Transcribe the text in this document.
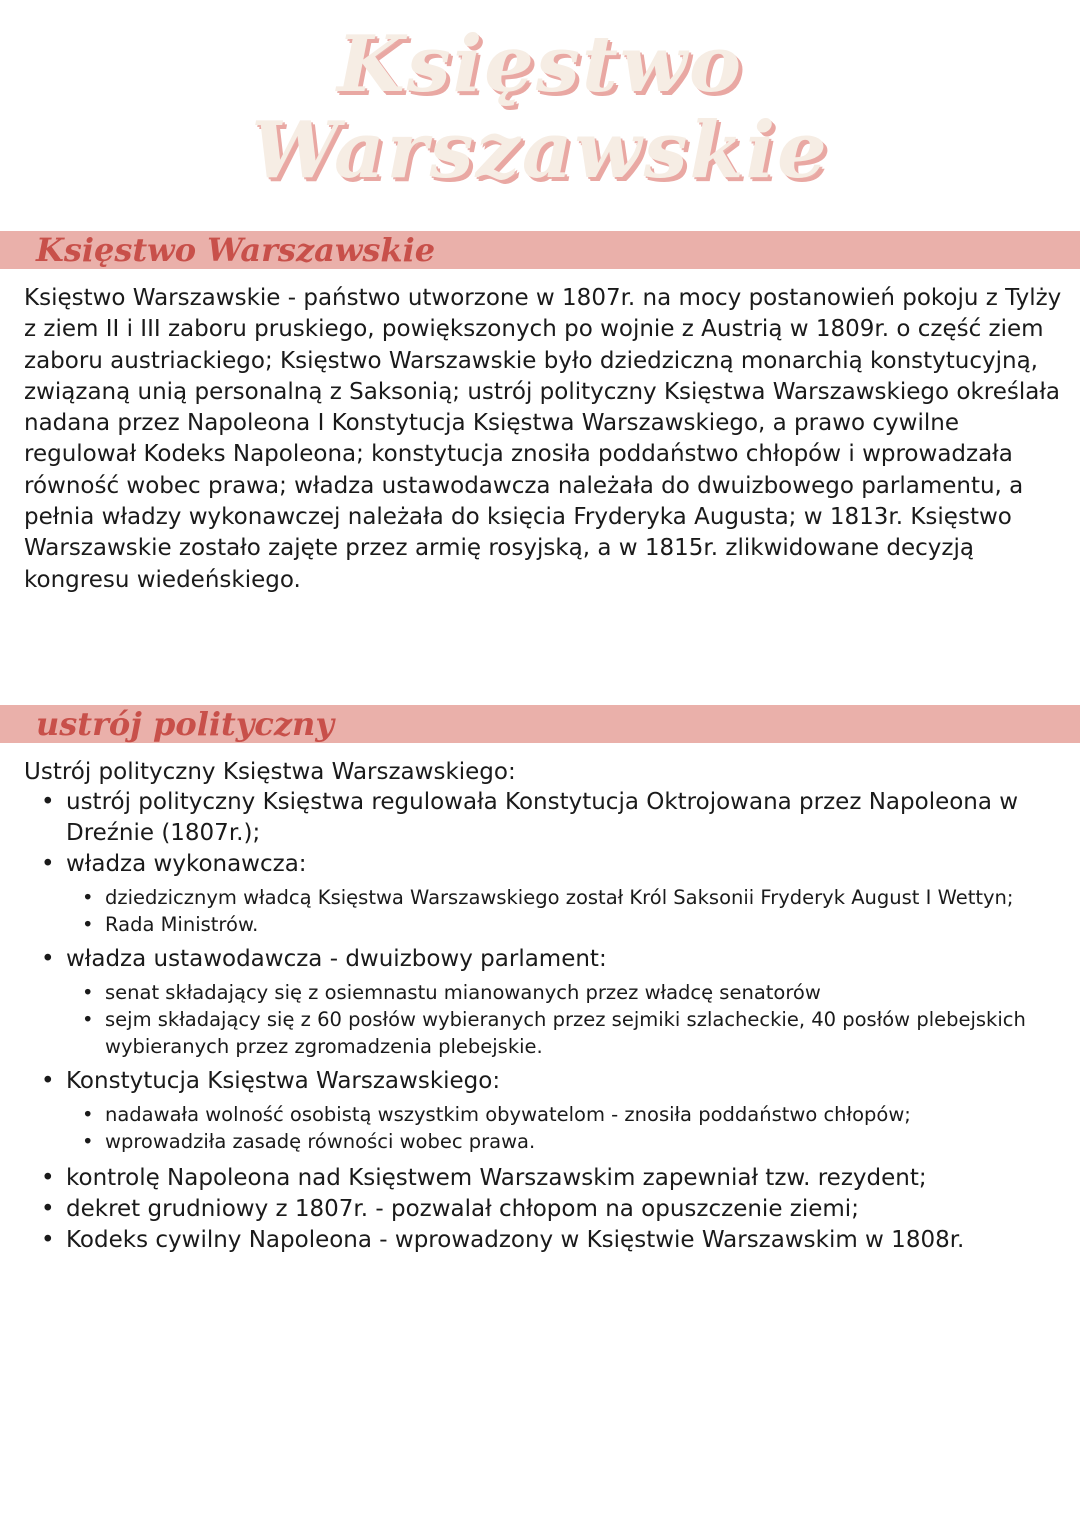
Księstwo
Warszawskie
Księstwo Warszawskie

Księstwo Warszawskie - państwo utworzone w 1807r. na mocy postanowień pokoju z Tylży z ziem II i III zaboru pruskiego, powiększonych po wojnie z Austrią w 1809r. o część ziem zaboru austriackiego; Księstwo Warszawskie było dziedziczną monarchią konstytucyjną, związaną unią personalną z Saksonią; ustrój polityczny Księstwa Warszawskiego określała nadana przez Napoleona I Konstytucja Księstwa Warszawskiego, a prawo cywilne regulował Kodeks Napoleona; konstytucja znosiła poddaństwo chłopów i wprowadzała równość wobec prawa; władza ustawodawcza należała do dwuizbowego parlamentu, a pełnia władzy wykonawczej należała do księcia Fryderyka Augusta; w 1813r. Księstwo Warszawskie zostało zajęte przez armię rosyjską, a w 1815r. zlikwidowane decyzją kongresu wiedeńskiego.

ustrój polityczny

Ustrój polityczny Księstwa Warszawskiego:

• ustrój polityczny Księstwa regulowała Konstytucja Oktrojowana przez Napoleona w Dreźnie (1807r.);
• władza wykonawcza:
• dziedzicznym władcą Księstwa Warszawskiego został Król Saksonii Fryderyk August I Wettyn;
• Rada Ministrów.
• władza ustawodawcza - dwuizbowy parlament:
• senat składający się z osiemnastu mianowanych przez władcę senatorów
• sejm składający się z 60 posłów wybieranych przez sejmiki szlacheckie, 40 posłów plebejskich wybieranych przez zgromadzenia plebejskie.
• Konstytucja Księstwa Warszawskiego:
• nadawała wolność osobistą wszystkim obywatelom - znosiła poddaństwo chłopów;
• wprowadziła zasadę równości wobec prawa.
• kontrolę Napoleona nad Księstwem Warszawskim zapewniał tzw. rezydent;
• dekret grudniowy z 1807r. - pozwalał chłopom na opuszczenie ziemi;
• Kodeks cywilny Napoleona - wprowadzony w Księstwie Warszawskim w 1808r.
